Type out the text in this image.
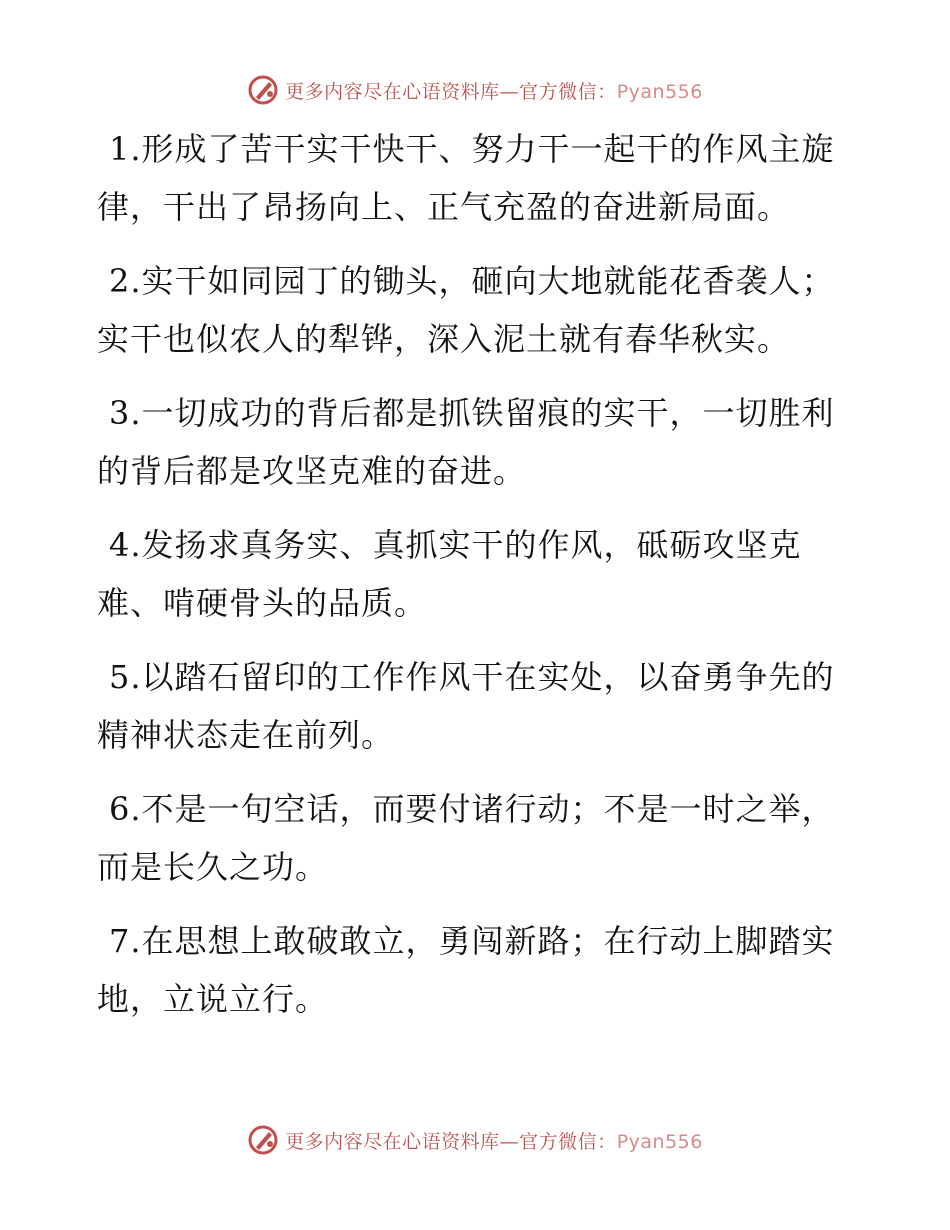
更多内容尽在心语资料库—官方微信：Pyan556

1.形成了苦干实干快干、努力干一起干的作风主旋律，干出了昂扬向上、正气充盈的奋进新局面。

2.实干如同园丁的锄头，砸向大地就能花香袭人；实干也似农人的犁铧，深入泥土就有春华秋实。

3.一切成功的背后都是抓铁留痕的实干，一切胜利的背后都是攻坚克难的奋进。

4.发扬求真务实、真抓实干的作风，砥砺攻坚克难、啃硬骨头的品质。

5.以踏石留印的工作作风干在实处，以奋勇争先的精神状态走在前列。

6.不是一句空话，而要付诸行动；不是一时之举，而是长久之功。

7.在思想上敢破敢立，勇闯新路；在行动上脚踏实地，立说立行。

更多内容尽在心语资料库—官方微信：Pyan556
